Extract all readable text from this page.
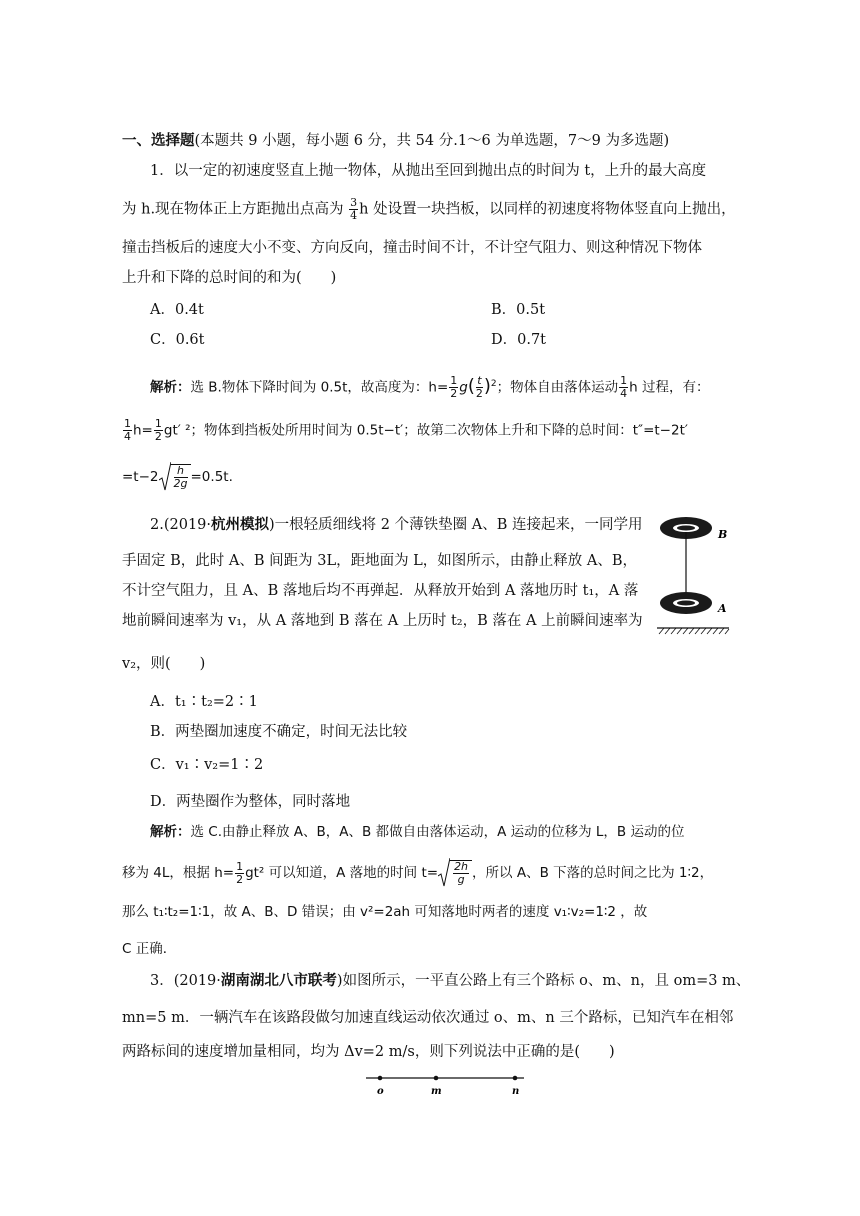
一、选择题(本题共 9 小题，每小题 6 分，共 54 分.1～6 为单选题，7～9 为多选题)
1．以一定的初速度竖直上抛一物体，从抛出至回到抛出点的时间为 t，上升的最大高度
为 h.现在物体正上方距抛出点高为 $\frac{3}{4}$ h 处设置一块挡板，以同样的初速度将物体竖直向上抛出，
撞击挡板后的速度大小不变、方向反向，撞击时间不计，不计空气阻力、则这种情况下物体
上升和下降的总时间的和为(　　)
A．0.4t	B．0.5t
C．0.6t	D．0.7t
解析：选 B.物体下降时间为 0.5t，故高度为：$h= \frac{1}{2} g( \frac{t}{2} )^2$；物体自由落体运动 $\frac{1}{4}$ h 过程，有：
$\frac{1}{4} h= \frac{1}{2} gt'$ ²；物体到挡板处所用时间为 0.5t−t′；故第二次物体上升和下降的总时间：t″=t−2t′
$=t-2 \frac{h}{2g} =0.5t$.
2.(2019·杭州模拟)一根轻质细线将 2 个薄铁垫圈 A、B 连接起来，一同学用
手固定 B，此时 A、B 间距为 3L，距地面为 L，如图所示，由静止释放 A、B，
不计空气阻力，且 A、B 落地后均不再弹起．从释放开始到 A 落地历时 t₁，A 落
地前瞬间速率为 v₁，从 A 落地到 B 落在 A 上历时 t₂，B 落在 A 上前瞬间速率为
v₂，则(　　)
B
A
A．t₁∶t₂=2∶1
B．两垫圈加速度不确定，时间无法比较
C．v₁∶v₂=1∶2
D．两垫圈作为整体，同时落地
解析：选 C.由静止释放 A、B，A、B 都做自由落体运动，A 运动的位移为 L，B 运动的位
移为 4L，根据 $h= \frac{1}{2} gt^2$ 可以知道，A 落地的时间 $t= \frac{2h}{g}$ ，所以 A、B 下落的总时间之比为 1∶2，
那么 t₁∶t₂=1∶1，故 A、B、D 错误；由 v²=2ah 可知落地时两者的速度 v₁∶v₂=1∶2 ，故
C 正确．
3．(2019·湖南湖北八市联考)如图所示，一平直公路上有三个路标 o、m、n，且 om=3 m、
mn=5 m．一辆汽车在该路段做匀加速直线运动依次通过 o、m、n 三个路标，已知汽车在相邻
两路标间的速度增加量相同，均为 Δv=2 m/s，则下列说法中正确的是(　　)
o	m	n
